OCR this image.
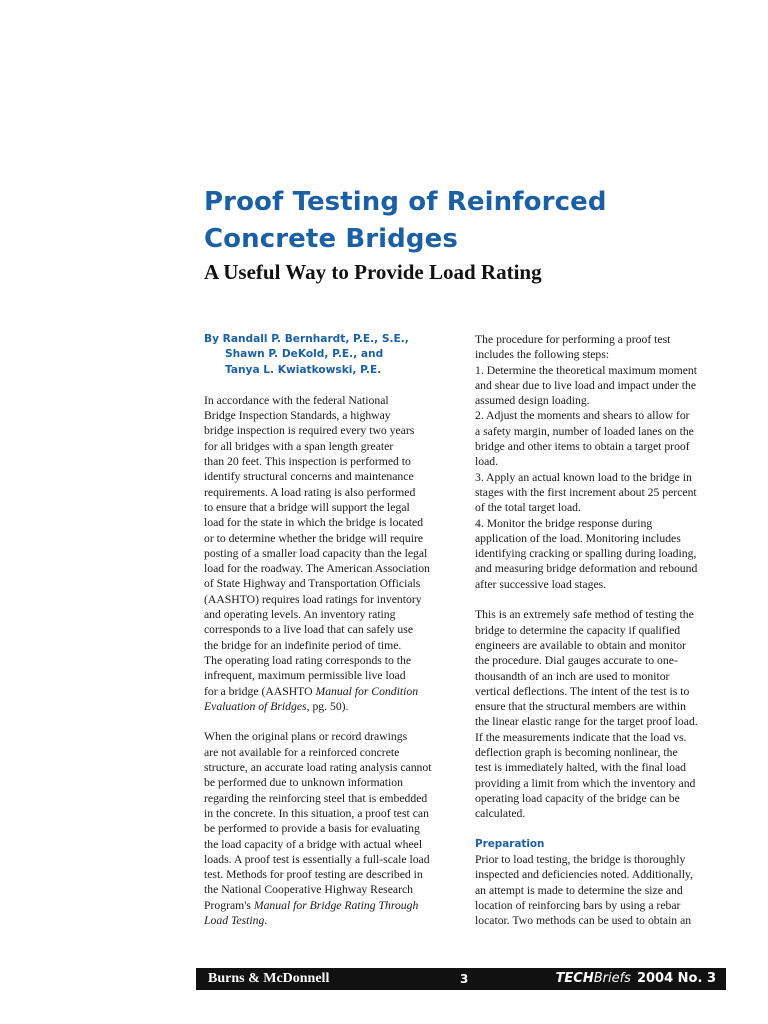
Proof Testing of Reinforced
Concrete Bridges
A Useful Way to Provide Load Rating
By Randall P. Bernhardt, P.E., S.E.,
Shawn P. DeKold, P.E., and
Tanya L. Kwiatkowski, P.E.
In accordance with the federal National
Bridge Inspection Standards, a highway
bridge inspection is required every two years
for all bridges with a span length greater
than 20 feet. This inspection is performed to
identify structural concerns and maintenance
requirements. A load rating is also performed
to ensure that a bridge will support the legal
load for the state in which the bridge is located
or to determine whether the bridge will require
posting of a smaller load capacity than the legal
load for the roadway. The American Association
of State Highway and Transportation Officials
(AASHTO) requires load ratings for inventory
and operating levels. An inventory rating
corresponds to a live load that can safely use
the bridge for an indefinite period of time.
The operating load rating corresponds to the
infrequent, maximum permissible live load
for a bridge (AASHTO Manual for Condition
Evaluation of Bridges, pg. 50).
When the original plans or record drawings
are not available for a reinforced concrete
structure, an accurate load rating analysis cannot
be performed due to unknown information
regarding the reinforcing steel that is embedded
in the concrete. In this situation, a proof test can
be performed to provide a basis for evaluating
the load capacity of a bridge with actual wheel
loads. A proof test is essentially a full-scale load
test. Methods for proof testing are described in
the National Cooperative Highway Research
Program's Manual for Bridge Rating Through
Load Testing.
The procedure for performing a proof test
includes the following steps:
1. Determine the theoretical maximum moment
and shear due to live load and impact under the
assumed design loading.
2. Adjust the moments and shears to allow for
a safety margin, number of loaded lanes on the
bridge and other items to obtain a target proof
load.
3. Apply an actual known load to the bridge in
stages with the first increment about 25 percent
of the total target load.
4. Monitor the bridge response during
application of the load. Monitoring includes
identifying cracking or spalling during loading,
and measuring bridge deformation and rebound
after successive load stages.
This is an extremely safe method of testing the
bridge to determine the capacity if qualified
engineers are available to obtain and monitor
the procedure. Dial gauges accurate to one-
thousandth of an inch are used to monitor
vertical deflections. The intent of the test is to
ensure that the structural members are within
the linear elastic range for the target proof load.
If the measurements indicate that the load vs.
deflection graph is becoming nonlinear, the
test is immediately halted, with the final load
providing a limit from which the inventory and
operating load capacity of the bridge can be
calculated.
Preparation
Prior to load testing, the bridge is thoroughly
inspected and deficiencies noted. Additionally,
an attempt is made to determine the size and
location of reinforcing bars by using a rebar
locator. Two methods can be used to obtain an
Burns & McDonnell	3	TECHBriefs 2004 No. 3
